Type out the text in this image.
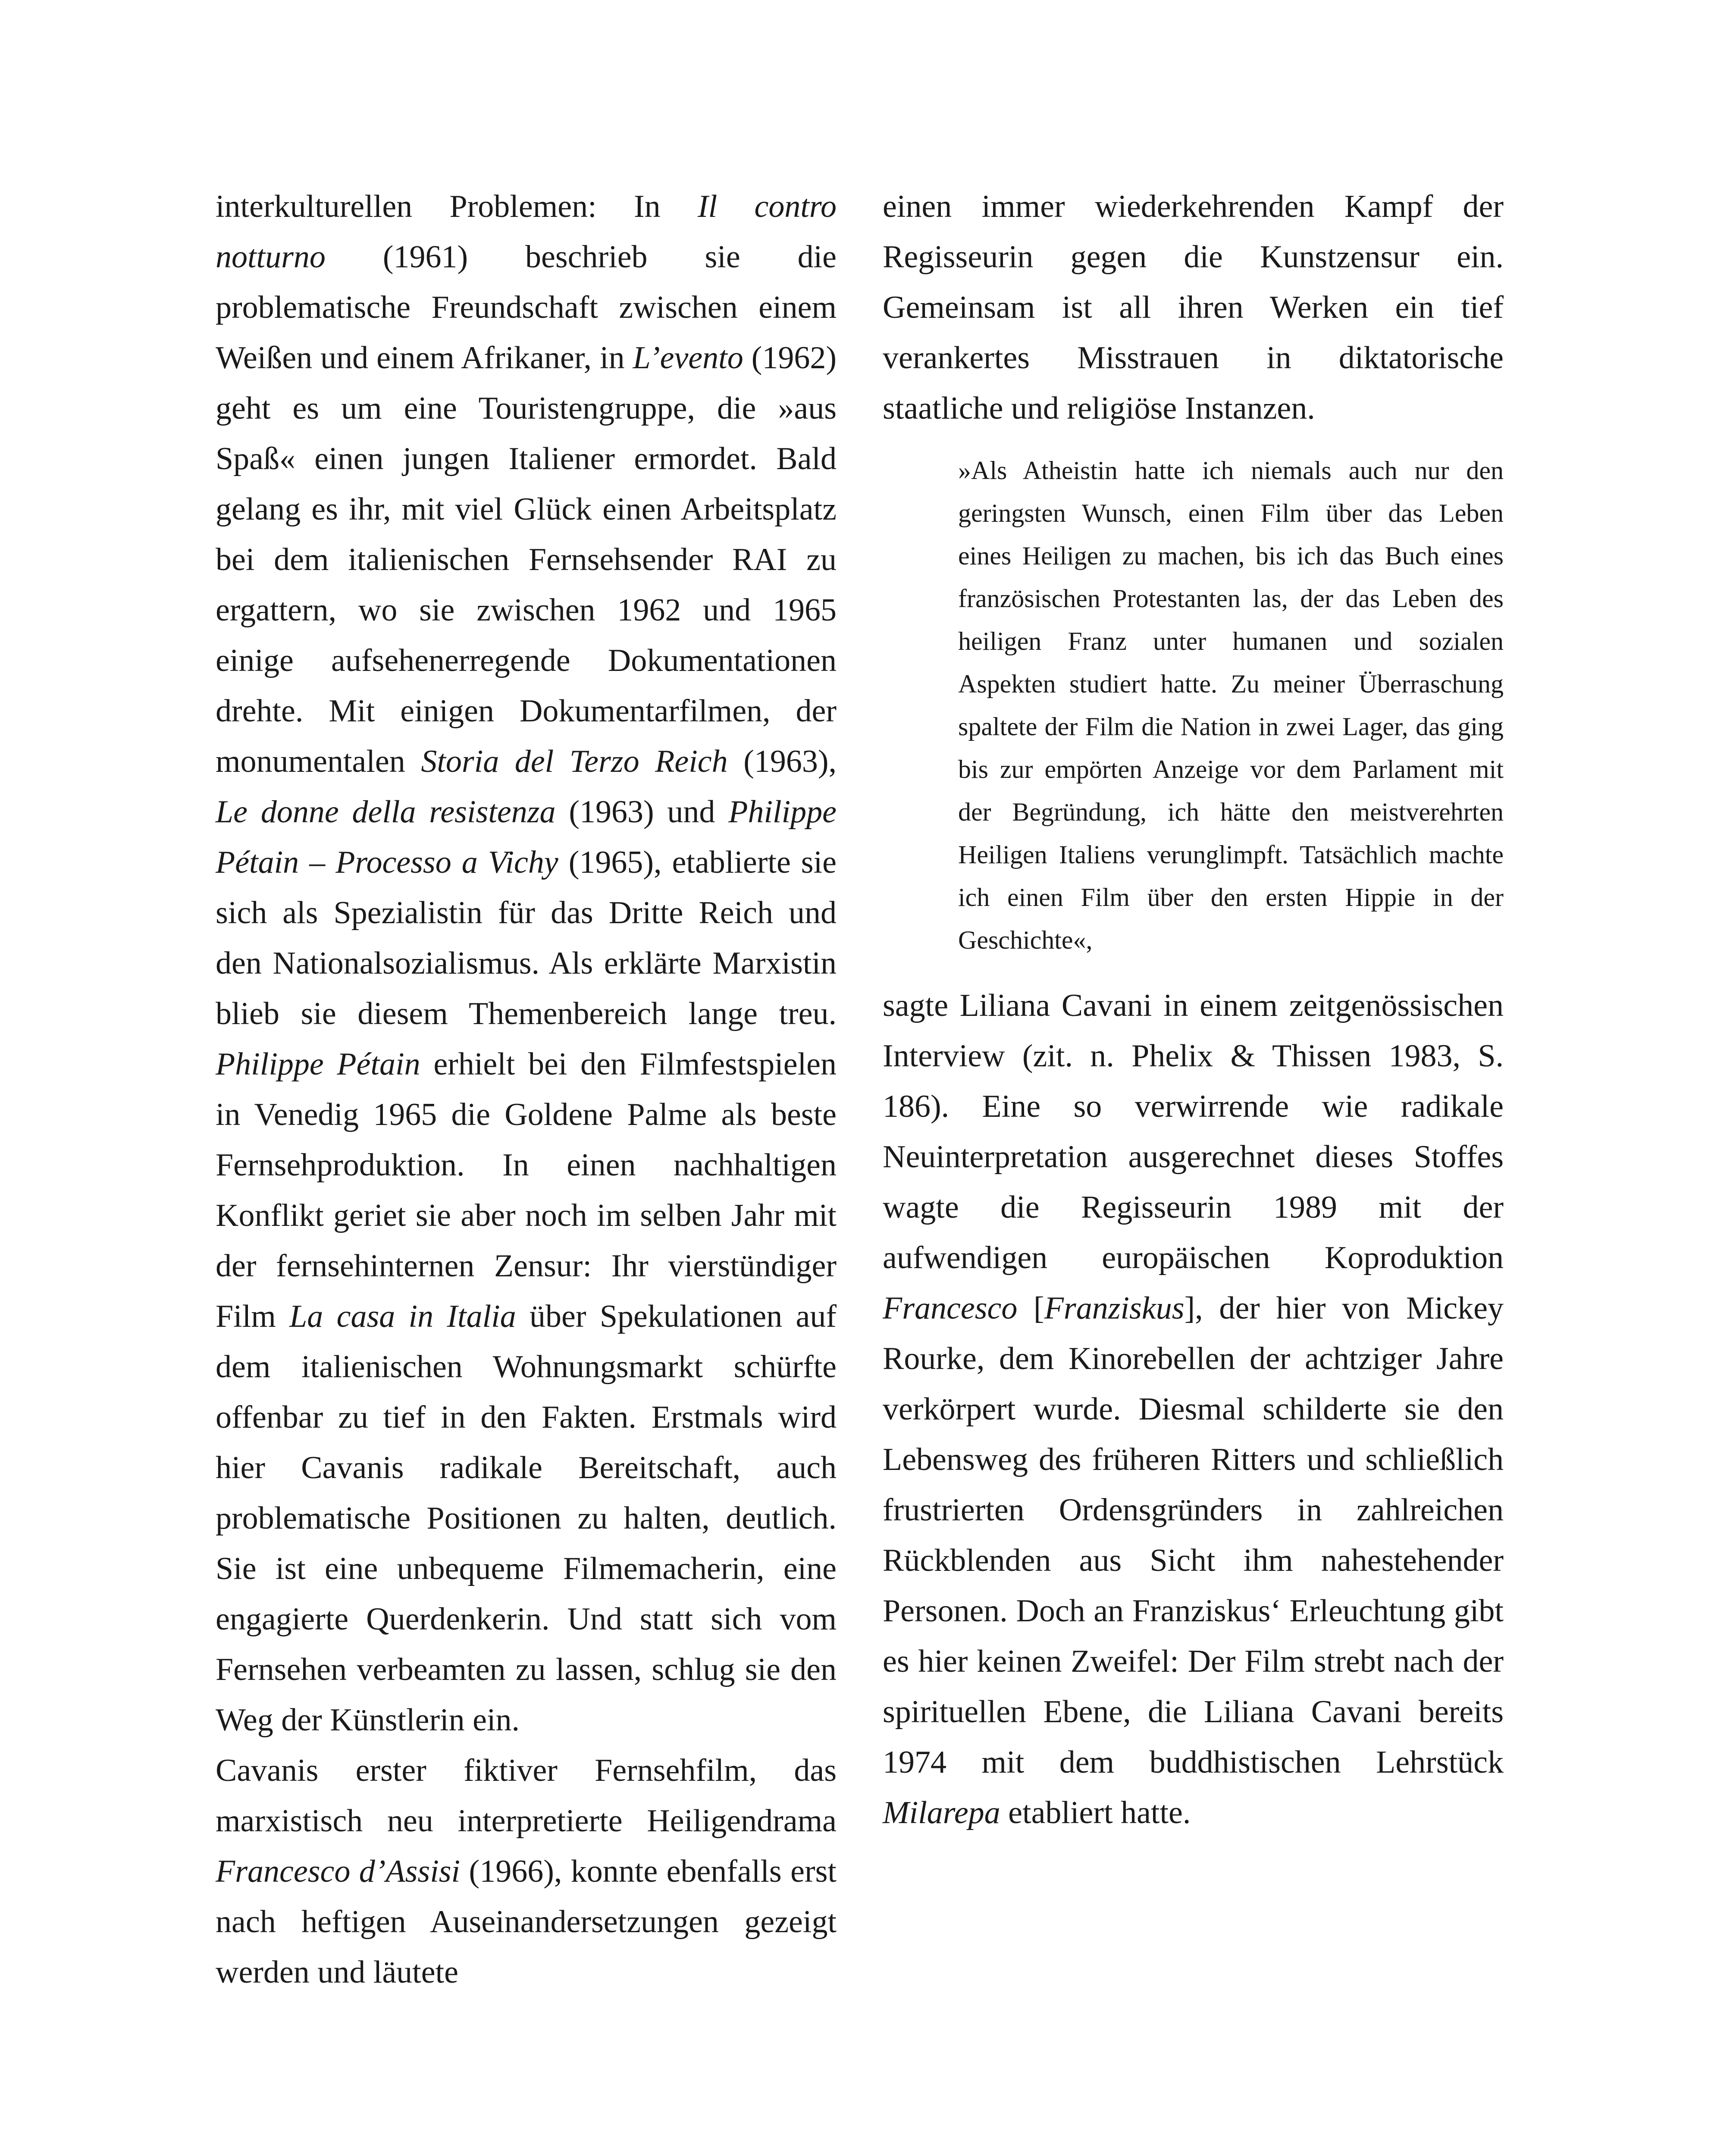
interkulturellen Problemen: In Il contro notturno (1961) beschrieb sie die problematische Freundschaft zwischen einem Weißen und einem Afrikaner, in L’evento (1962) geht es um eine Touristengruppe, die »aus Spaß« einen jungen Italiener ermordet. Bald gelang es ihr, mit viel Glück einen Arbeitsplatz bei dem italienischen Fernsehsender RAI zu ergattern, wo sie zwischen 1962 und 1965 einige aufsehenerregende Dokumentationen drehte. Mit einigen Dokumentarfilmen, der monumentalen Storia del Terzo Reich (1963), Le donne della resistenza (1963) und Philippe Pétain – Processo a Vichy (1965), etablierte sie sich als Spezialistin für das Dritte Reich und den Nationalsozialismus. Als erklärte Marxistin blieb sie diesem Themenbereich lange treu. Philippe Pétain erhielt bei den Filmfestspielen in Venedig 1965 die Goldene Palme als beste Fernsehproduktion. In einen nachhaltigen Konflikt geriet sie aber noch im selben Jahr mit der fernsehinternen Zensur: Ihr vierstündiger Film La casa in Italia über Spekulationen auf dem italienischen Wohnungsmarkt schürfte offenbar zu tief in den Fakten. Erstmals wird hier Cavanis radikale Bereitschaft, auch problematische Positionen zu halten, deutlich. Sie ist eine unbequeme Filmemacherin, eine engagierte Querdenkerin. Und statt sich vom Fernsehen verbeamten zu lassen, schlug sie den Weg der Künstlerin ein.

Cavanis erster fiktiver Fernsehfilm, das marxistisch neu interpretierte Heiligendrama Francesco d’Assisi (1966), konnte ebenfalls erst nach heftigen Auseinandersetzungen gezeigt werden und läutete

einen immer wiederkehrenden Kampf der Regisseurin gegen die Kunstzensur ein. Gemeinsam ist all ihren Werken ein tief verankertes Misstrauen in diktatorische staatliche und religiöse Instanzen.

»Als Atheistin hatte ich niemals auch nur den geringsten Wunsch, einen Film über das Leben eines Heiligen zu machen, bis ich das Buch eines französischen Protestanten las, der das Leben des heiligen Franz unter humanen und sozialen Aspekten studiert hatte. Zu meiner Überraschung spaltete der Film die Nation in zwei Lager, das ging bis zur empörten Anzeige vor dem Parlament mit der Begründung, ich hätte den meistverehrten Heiligen Italiens verunglimpft. Tatsächlich machte ich einen Film über den ersten Hippie in der Geschichte«,

sagte Liliana Cavani in einem zeitgenössischen Interview (zit. n. Phelix & Thissen 1983, S. 186). Eine so verwirrende wie radikale Neuinterpretation ausgerechnet dieses Stoffes wagte die Regisseurin 1989 mit der aufwendigen europäischen Koproduktion Francesco [Franziskus], der hier von Mickey Rourke, dem Kinorebellen der achtziger Jahre verkörpert wurde. Diesmal schilderte sie den Lebensweg des früheren Ritters und schließlich frustrierten Ordensgründers in zahlreichen Rückblenden aus Sicht ihm nahestehender Personen. Doch an Franziskus‘ Erleuchtung gibt es hier keinen Zweifel: Der Film strebt nach der spirituellen Ebene, die Liliana Cavani bereits 1974 mit dem buddhistischen Lehrstück Milarepa etabliert hatte.
